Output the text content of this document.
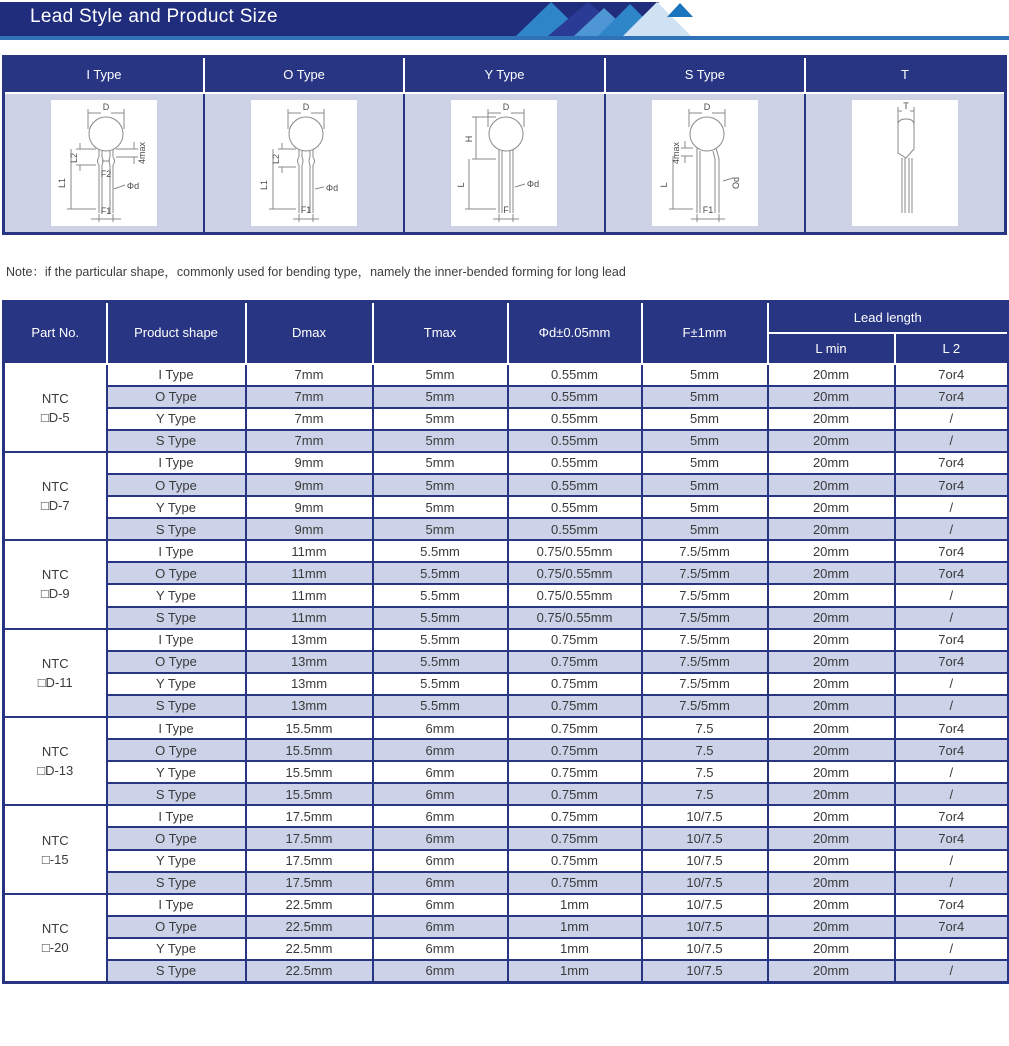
Lead Style and Product Size
I Type	O Type	Y Type	S Type	T

D
4max
L2
F2
L1	Φd
F1

D
L2
L1	Φd
F1

D
H
L	Φd
F

4max
D
L	Od
F1

T
Note：if the particular shape，commonly used for bending type，namely the inner-bended forming for long lead
Part No.	Product shape	Dmax	Tmax	Φd±0.05mm	F±1mm	Lead length	
						L min	L 2

NTC
□D-5	I Type	7mm	5mm	0.55mm	5mm	20mm	7or4
	O Type	7mm	5mm	0.55mm	5mm	20mm	7or4
	Y Type	7mm	5mm	0.55mm	5mm	20mm	/
	S Type	7mm	5mm	0.55mm	5mm	20mm	/

NTC
□D-7	I Type	9mm	5mm	0.55mm	5mm	20mm	7or4
	O Type	9mm	5mm	0.55mm	5mm	20mm	7or4
	Y Type	9mm	5mm	0.55mm	5mm	20mm	/
	S Type	9mm	5mm	0.55mm	5mm	20mm	/

NTC
□D-9	I Type	11mm	5.5mm	0.75/0.55mm	7.5/5mm	20mm	7or4
	O Type	11mm	5.5mm	0.75/0.55mm	7.5/5mm	20mm	7or4
	Y Type	11mm	5.5mm	0.75/0.55mm	7.5/5mm	20mm	/
	S Type	11mm	5.5mm	0.75/0.55mm	7.5/5mm	20mm	/

NTC
□D-11	I Type	13mm	5.5mm	0.75mm	7.5/5mm	20mm	7or4
	O Type	13mm	5.5mm	0.75mm	7.5/5mm	20mm	7or4
	Y Type	13mm	5.5mm	0.75mm	7.5/5mm	20mm	/
	S Type	13mm	5.5mm	0.75mm	7.5/5mm	20mm	/

NTC
□D-13	I Type	15.5mm	6mm	0.75mm	7.5	20mm	7or4
	O Type	15.5mm	6mm	0.75mm	7.5	20mm	7or4
	Y Type	15.5mm	6mm	0.75mm	7.5	20mm	/
	S Type	15.5mm	6mm	0.75mm	7.5	20mm	/

NTC
□-15	I Type	17.5mm	6mm	0.75mm	10/7.5	20mm	7or4
	O Type	17.5mm	6mm	0.75mm	10/7.5	20mm	7or4
	Y Type	17.5mm	6mm	0.75mm	10/7.5	20mm	/
	S Type	17.5mm	6mm	0.75mm	10/7.5	20mm	/

NTC
□-20	I Type	22.5mm	6mm	1mm	10/7.5	20mm	7or4
	O Type	22.5mm	6mm	1mm	10/7.5	20mm	7or4
	Y Type	22.5mm	6mm	1mm	10/7.5	20mm	/
	S Type	22.5mm	6mm	1mm	10/7.5	20mm	/
